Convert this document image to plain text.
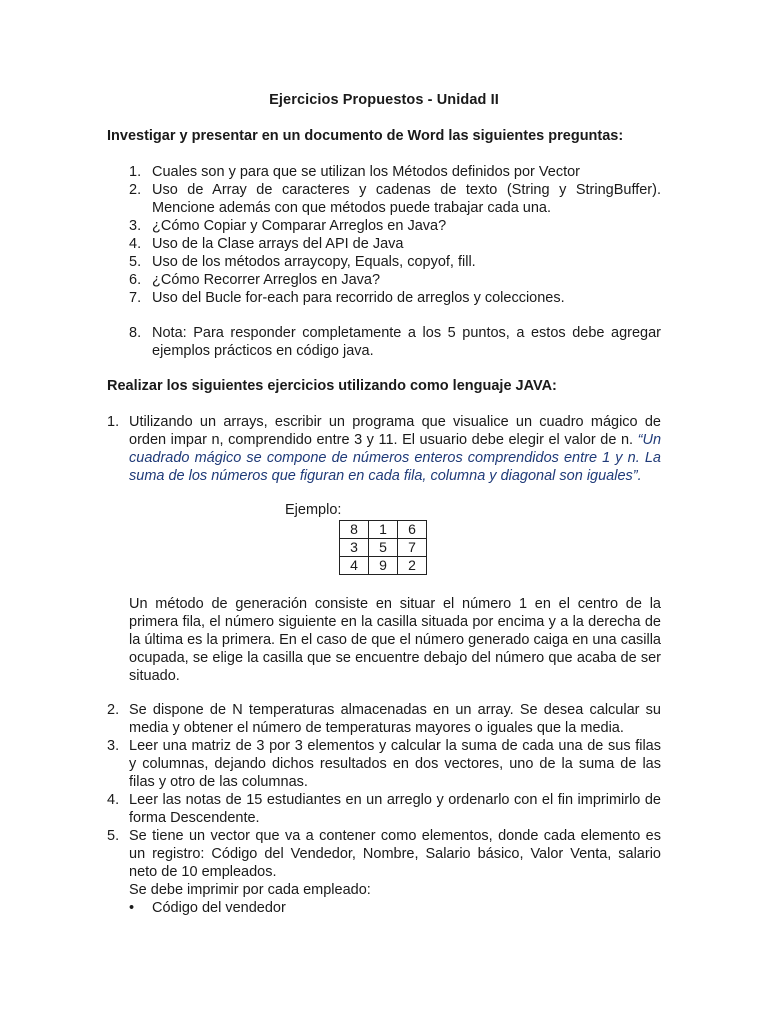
Ejercicios Propuestos - Unidad II
Investigar y presentar en un documento de Word las siguientes preguntas:
1. Cuales son y para que se utilizan los Métodos definidos por Vector
2. Uso de Array de caracteres y cadenas de texto (String y StringBuffer). Mencione además con que métodos puede trabajar cada una.
3. ¿Cómo Copiar y Comparar Arreglos en Java?
4. Uso de la Clase arrays del API de Java
5. Uso de los métodos arraycopy, Equals, copyof, fill.
6. ¿Cómo Recorrer Arreglos en Java?
7. Uso del Bucle for-each para recorrido de arreglos y colecciones.
8. Nota: Para responder completamente a los 5 puntos, a estos debe agregar ejemplos prácticos en código java.
Realizar los siguientes ejercicios utilizando como lenguaje JAVA:
1. Utilizando un arrays, escribir un programa que visualice un cuadro mágico de orden impar n, comprendido entre 3 y 11. El usuario debe elegir el valor de n. “Un cuadrado mágico se compone de números enteros comprendidos entre 1 y n. La suma de los números que figuran en cada fila, columna y diagonal son iguales”.
Ejemplo:
8	1	6
3	5	7
4	9	2
Un método de generación consiste en situar el número 1 en el centro de la primera fila, el número siguiente en la casilla situada por encima y a la derecha de la última es la primera. En el caso de que el número generado caiga en una casilla ocupada, se elige la casilla que se encuentre debajo del número que acaba de ser situado.
2. Se dispone de N temperaturas almacenadas en un array. Se desea calcular su media y obtener el número de temperaturas mayores o iguales que la media.
3. Leer una matriz de 3 por 3 elementos y calcular la suma de cada una de sus filas y columnas, dejando dichos resultados en dos vectores, uno de la suma de las filas y otro de las columnas.
4. Leer las notas de 15 estudiantes en un arreglo y ordenarlo con el fin imprimirlo de forma Descendente.
5. Se tiene un vector que va a contener como elementos, donde cada elemento es un registro: Código del Vendedor, Nombre, Salario básico, Valor Venta, salario neto de 10 empleados.
Se debe imprimir por cada empleado:
• Código del vendedor
